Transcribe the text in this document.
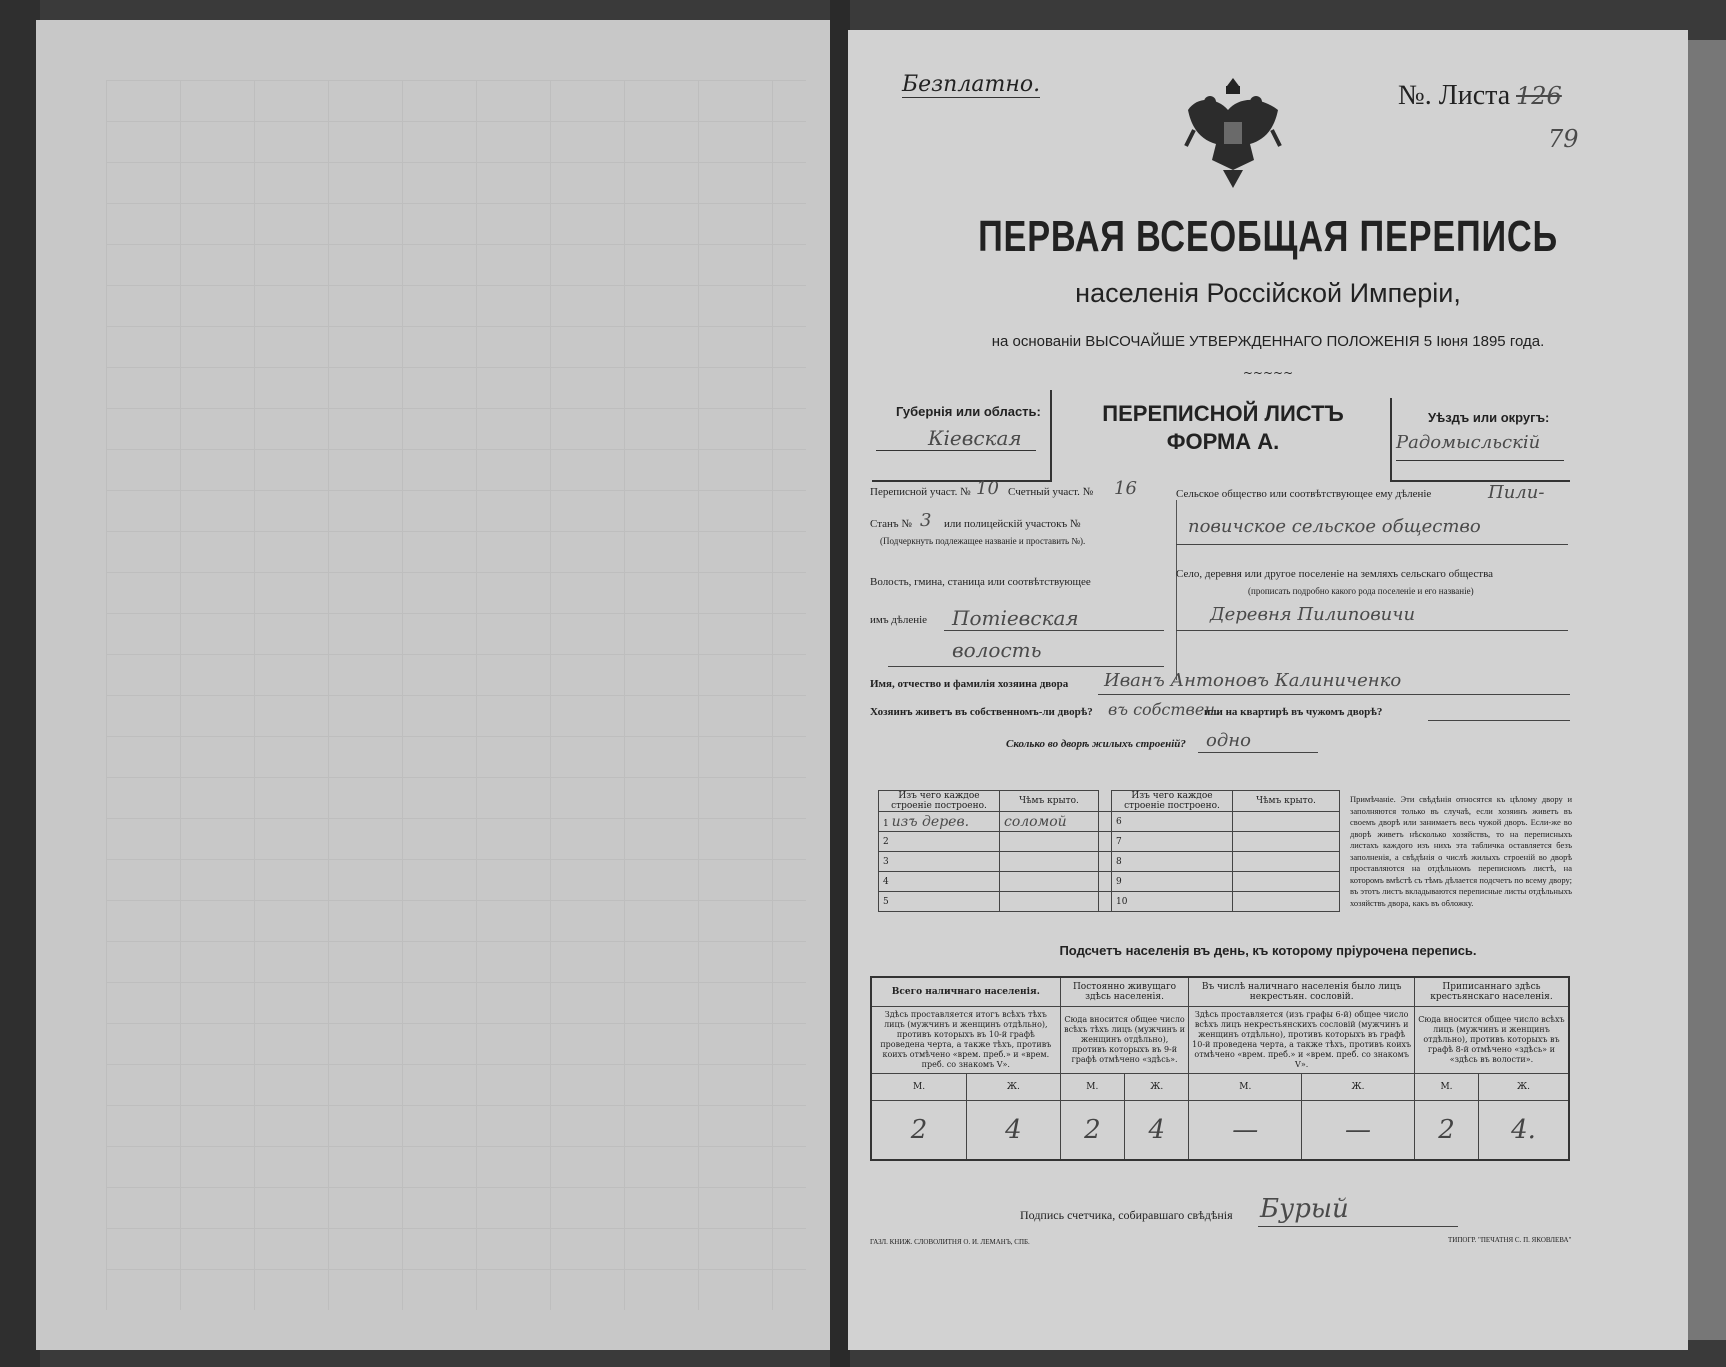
Безплатно.	№. Листа 126
79
ПЕРВАЯ ВСЕОБЩАЯ ПЕРЕПИСЬ
населенія Россійской Имперіи,
на основаніи ВЫСОЧАЙШЕ УТВЕРЖДЕННАГО ПОЛОЖЕНІЯ 5 Іюня 1895 года.
~~~~~
Губернія или область:
Кіевская
ПЕРЕПИСНОЙ ЛИСТЪ
ФОРМА А.
Уѣздъ или округъ:
Радомысльскій
Переписной участ. № 10 Счетный участ. № 16
Станъ № 3 или полицейскій участокъ №
(Подчеркнуть подлежащее названіе и проставить №).
Волость, гмина, станица или соотвѣтствующее
имъ дѣленіе Потіевская
волость
Сельское общество или соотвѣтствующее ему дѣленіе	Пили-
повичское сельское общество
Село, деревня или другое поселеніе на земляхъ сельскаго общества
(прописать подробно какого рода поселеніе и его названіе)
Деревня Пилиповичи
Имя, отчество и фамилія хозяина двора Иванъ Антоновъ Калиниченко
Хозяинъ живетъ въ собственномъ-ли дворѣ? въ собствен.
или на квартирѣ въ чужомъ дворѣ?
Сколько во дворѣ жилыхъ строеній? одно
Изъ чего каждое строеніе построено.	Чѣмъ крыто.		Изъ чего каждое строеніе построено.	Чѣмъ крыто.
1 изъ дерев.	соломой		6	
2			7	
3			8	
4			9	
5			10	
Примѣчаніе. Эти свѣдѣнія относятся къ цѣлому двору и заполняются только въ случаѣ, если хозяинъ живетъ въ своемъ дворѣ или занимаетъ весь чужой дворъ. Если-же во дворѣ живетъ нѣсколько хозяйствъ, то на переписныхъ листахъ каждого изъ нихъ эта табличка оставляется безъ заполненія, а свѣдѣнія о числѣ жилыхъ строеній во дворѣ проставляются на отдѣльномъ переписномъ листѣ, на которомъ вмѣстѣ съ тѣмъ дѣлается подсчетъ по всему двору; въ этотъ листъ вкладываются переписные листы отдѣльныхъ хозяйствъ двора, какъ въ обложку.
Подсчетъ населенія въ день, къ которому пріурочена перепись.
Всего наличнаго населенія.		Постоянно живущаго здѣсь населенія.		Въ числѣ наличнаго населенія было лицъ некрестьян. сословій.		Приписаннаго здѣсь крестьянскаго населенія.	
Здѣсь проставляется итогъ всѣхъ тѣхъ лицъ (мужчинъ и женщинъ отдѣльно), противъ которыхъ въ 10-й графѣ проведена черта, а также тѣхъ, противъ коихъ отмѣчено «врем. преб.» и «врем. преб. со знакомъ V».		Сюда вносится общее число всѣхъ тѣхъ лицъ (мужчинъ и женщинъ отдѣльно), противъ которыхъ въ 9-й графѣ отмѣчено «здѣсь».		Здѣсь проставляется (изъ графы 6-й) общее число всѣхъ лицъ некрестьянскихъ сословій (мужчинъ и женщинъ отдѣльно), противъ которыхъ въ графѣ 10-й проведена черта, а также тѣхъ, противъ коихъ отмѣчено «врем. преб.» и «врем. преб. со знакомъ V».		Сюда вносится общее число всѣхъ лицъ (мужчинъ и женщинъ отдѣльно), противъ которыхъ въ графѣ 8-й отмѣчено «здѣсь» и «здѣсь въ волости».	
М.	Ж.	М.	Ж.	М.	Ж.	М.	Ж.
2	4	2	4	—	—	2	4.
Подпись счетчика, собиравшаго свѣдѣнія Бурый
ГАЗЛ. КНИЖ. СЛОВОЛИТНЯ О. И. ЛЕМАНЪ, СПБ.	ТИПОГР. "ПЕЧАТНЯ С. П. ЯКОВЛЕВА"
